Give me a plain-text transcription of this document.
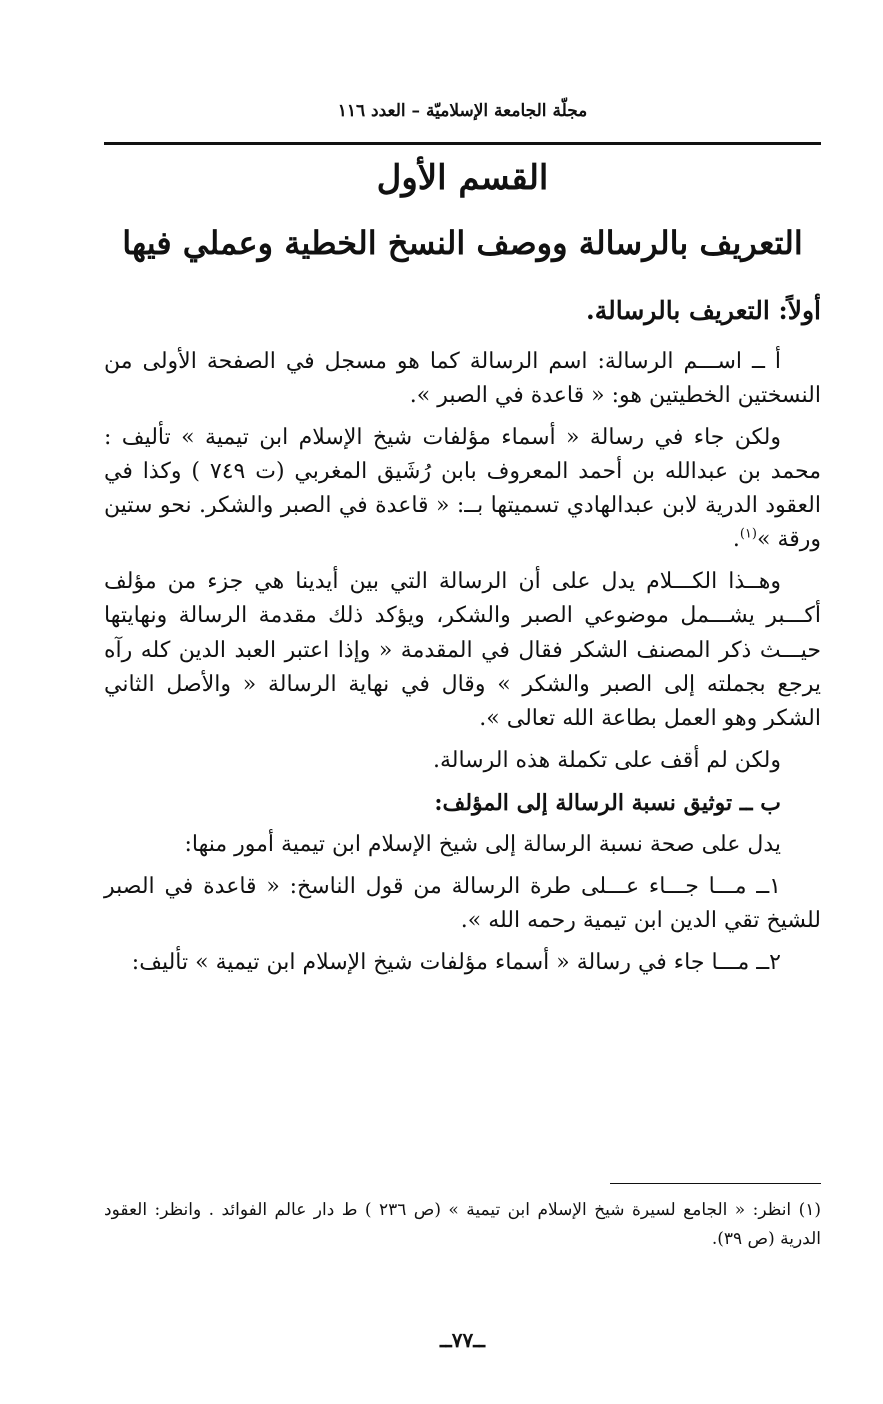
مجلّة الجامعة الإسلاميّة – العدد ١١٦
القسم الأول
التعريف بالرسالة ووصف النسخ الخطية وعملي فيها

أولاً: التعريف بالرسالة.

أ ــ اســـم الرسالة: اسم الرسالة كما هو مسجل في الصفحة الأولى من النسختين الخطيتين هو: « قاعدة في الصبر ».

ولكن جاء في رسالة « أسماء مؤلفات شيخ الإسلام ابن تيمية » تأليف : محمد بن عبدالله بن أحمد المعروف بابن رُشَيق المغربي (ت ٧٤٩ ) وكذا في العقود الدرية لابن عبدالهادي تسميتها بــ: « قاعدة في الصبر والشكر. نحو ستين ورقة »$^{(١)}$.

وهــذا الكـــلام يدل على أن الرسالة التي بين أيدينا هي جزء من مؤلف أكـــبر يشـــمل موضوعي الصبر والشكر، ويؤكد ذلك مقدمة الرسالة ونهايتها حيـــث ذكر المصنف الشكر فقال في المقدمة « وإذا اعتبر العبد الدين كله رآه يرجع بجملته إلى الصبر والشكر » وقال في نهاية الرسالة « والأصل الثاني الشكر وهو العمل بطاعة الله تعالى ».

ولكن لم أقف على تكملة هذه الرسالة.

ب ــ توثيق نسبة الرسالة إلى المؤلف:

يدل على صحة نسبة الرسالة إلى شيخ الإسلام ابن تيمية أمور منها:

١ــ مـــا جـــاء عـــلى طرة الرسالة من قول الناسخ: « قاعدة في الصبر للشيخ تقي الدين ابن تيمية رحمه الله ».

٢ــ مـــا جاء في رسالة « أسماء مؤلفات شيخ الإسلام ابن تيمية » تأليف:

(١) انظر: « الجامع لسيرة شيخ الإسلام ابن تيمية » (ص ٢٣٦ ) ط دار عالم الفوائد . وانظر: العقود الدرية (ص ٣٩).
ــ٧٧ــ
